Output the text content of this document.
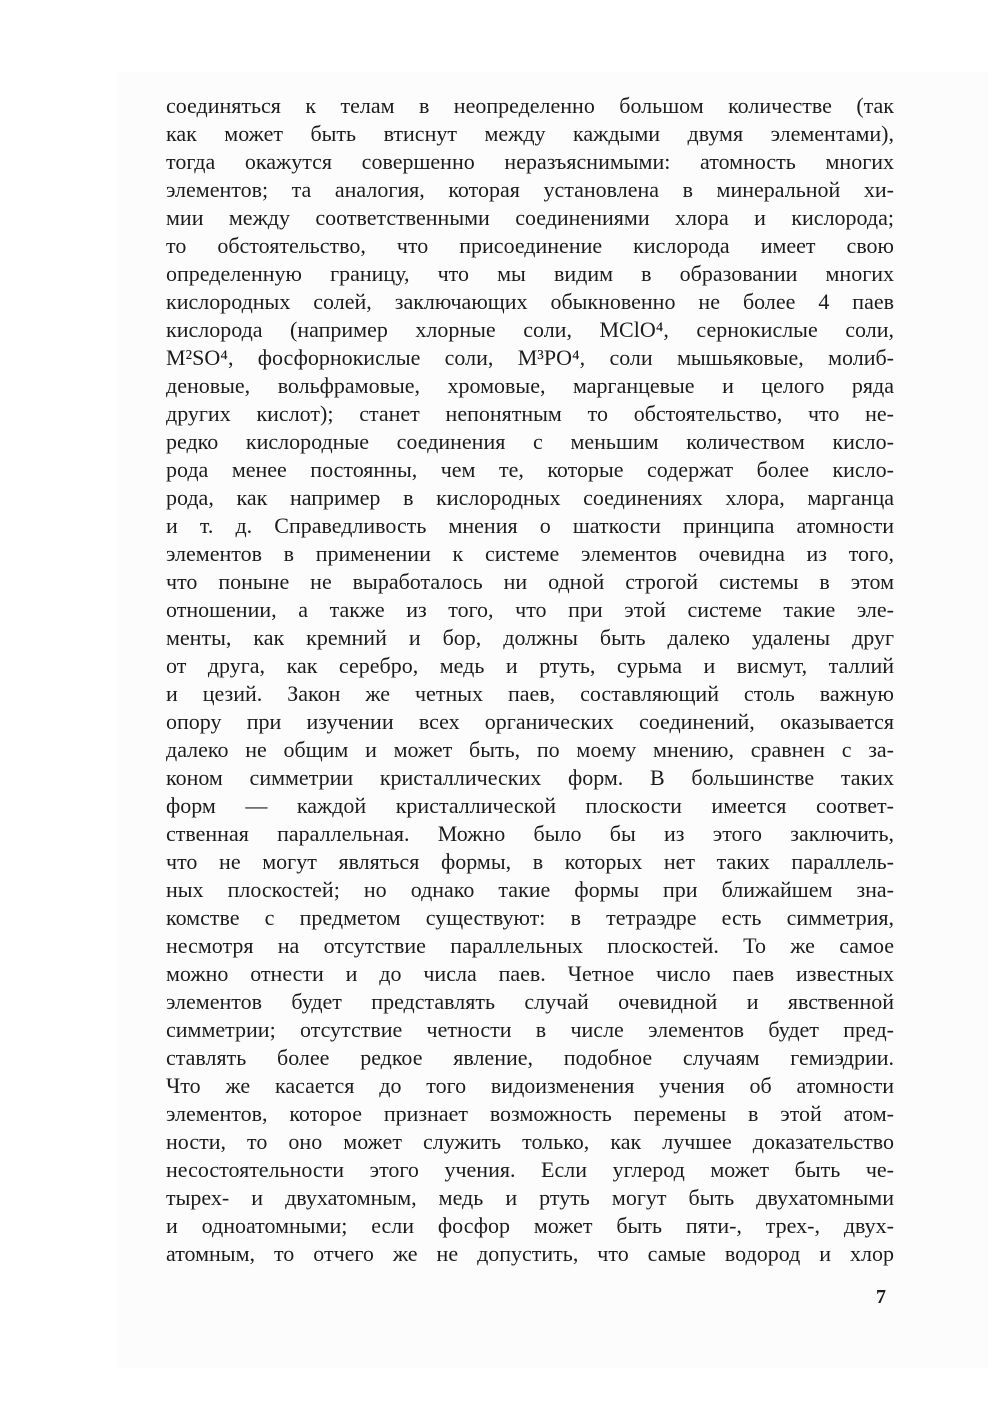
соединяться к телам в неопределенно большом количестве (так
как может быть втиснут между каждыми двумя элементами),
тогда окажутся совершенно неразъяснимыми: атомность многих
элементов; та аналогия, которая установлена в минеральной хи-
мии между соответственными соединениями хлора и кислорода;
то обстоятельство, что присоединение кислорода имеет свою
определенную границу, что мы видим в образовании многих
кислородных солей, заключающих обыкновенно не более 4 паев
кислорода (например хлорные соли, MClO⁴, сернокислые соли,
M²SO⁴, фосфорнокислые соли, M³PO⁴, соли мышьяковые, молиб-
деновые, вольфрамовые, хромовые, марганцевые и целого ряда
других кислот); станет непонятным то обстоятельство, что не-
редко кислородные соединения с меньшим количеством кисло-
рода менее постоянны, чем те, которые содержат более кисло-
рода, как например в кислородных соединениях хлора, марганца
и т. д. Справедливость мнения о шаткости принципа атомности
элементов в применении к системе элементов очевидна из того,
что поныне не выработалось ни одной строгой системы в этом
отношении, а также из того, что при этой системе такие эле-
менты, как кремний и бор, должны быть далеко удалены друг
от друга, как серебро, медь и ртуть, сурьма и висмут, таллий
и цезий. Закон же четных паев, составляющий столь важную
опору при изучении всех органических соединений, оказывается
далеко не общим и может быть, по моему мнению, сравнен с за-
коном симметрии кристаллических форм. В большинстве таких
форм — каждой кристаллической плоскости имеется соответ-
ственная параллельная. Можно было бы из этого заключить,
что не могут являться формы, в которых нет таких параллель-
ных плоскостей; но однако такие формы при ближайшем зна-
комстве с предметом существуют: в тетраэдре есть симметрия,
несмотря на отсутствие параллельных плоскостей. То же самое
можно отнести и до числа паев. Четное число паев известных
элементов будет представлять случай очевидной и явственной
симметрии; отсутствие четности в числе элементов будет пред-
ставлять более редкое явление, подобное случаям гемиэдрии.
Что же касается до того видоизменения учения об атомности
элементов, которое признает возможность перемены в этой атом-
ности, то оно может служить только, как лучшее доказательство
несостоятельности этого учения. Если углерод может быть че-
тырех- и двухатомным, медь и ртуть могут быть двухатомными
и одноатомными; если фосфор может быть пяти-, трех-, двух-
атомным, то отчего же не допустить, что самые водород и хлор
7
